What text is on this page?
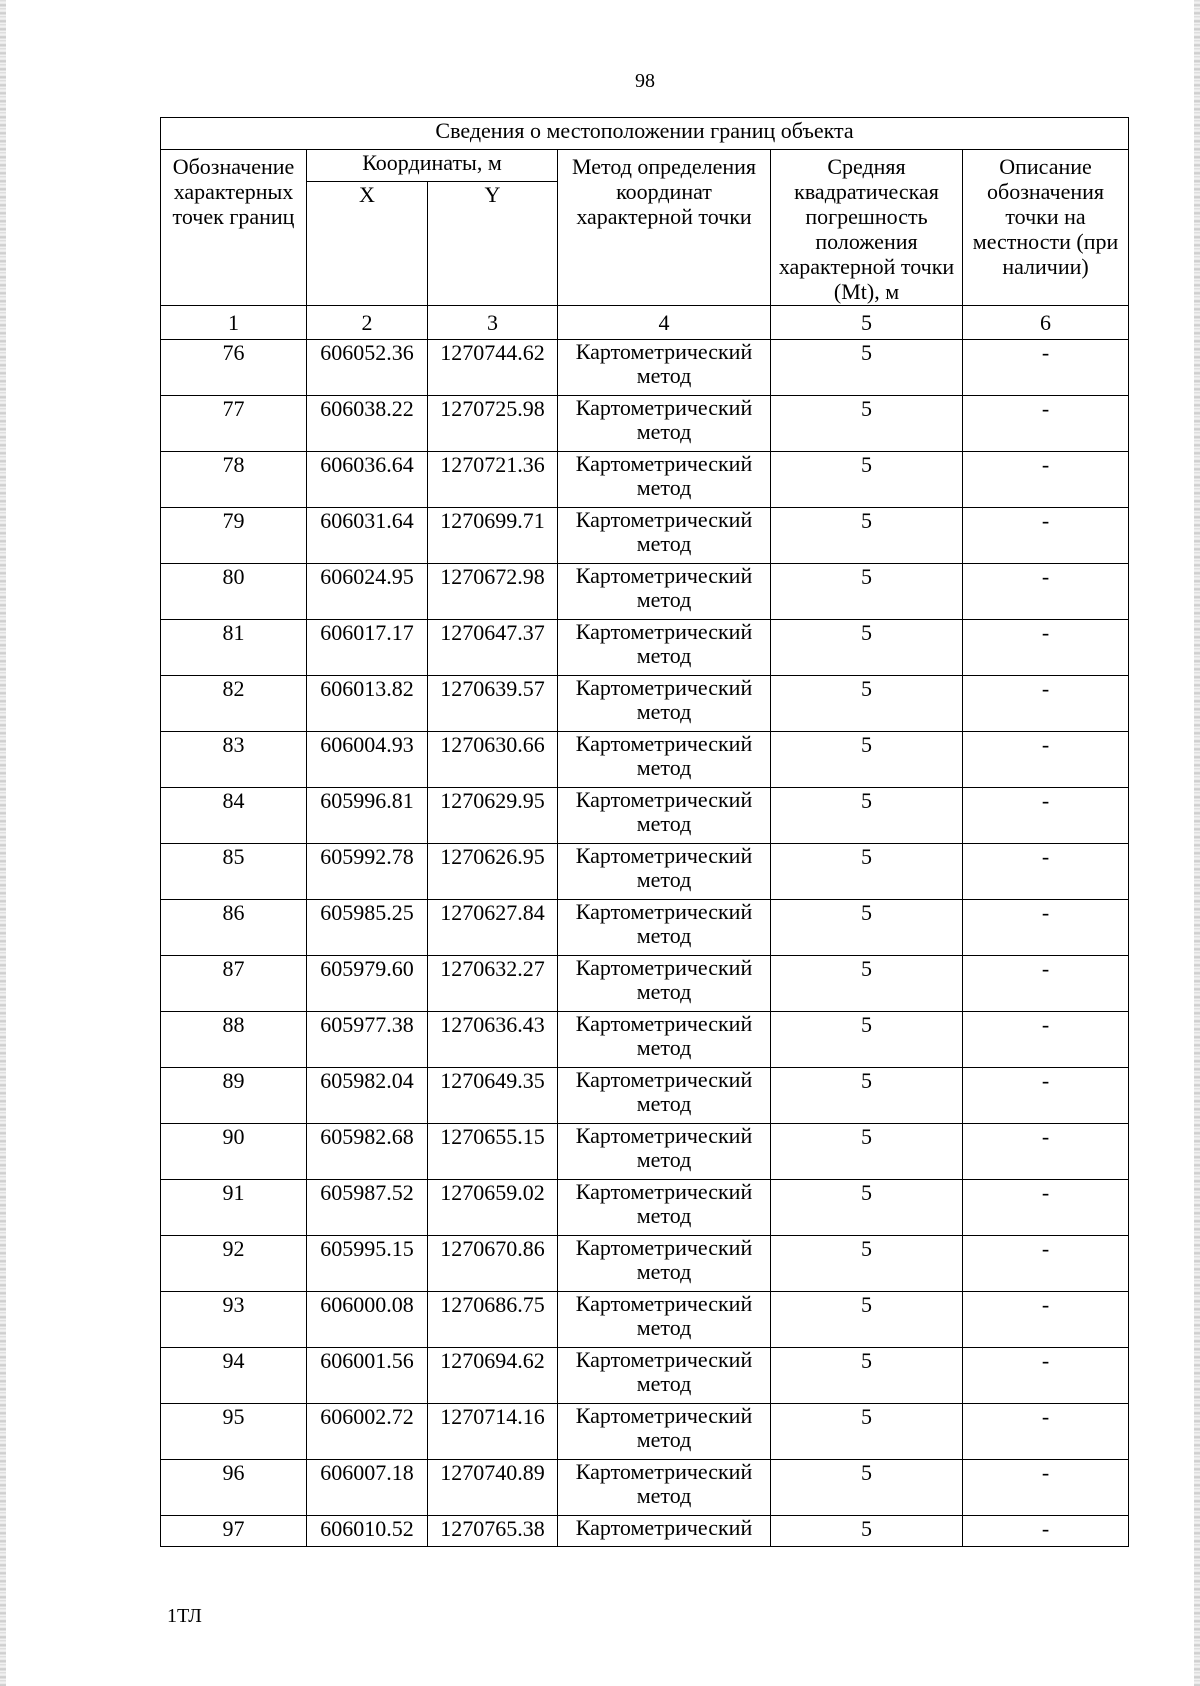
98
Сведения о местоположении границ объекта					
Обозначение характерных точек границ	Координаты, м		Метод определения координат характерной точки	Средняя квадратическая погрешность положения характерной точки (Mt), м	Описание обозначения точки на местности (при наличии)
	X	Y			
1	2	3	4	5	6
76	606052.36	1270744.62	Картометрический метод	5	-
77	606038.22	1270725.98	Картометрический метод	5	-
78	606036.64	1270721.36	Картометрический метод	5	-
79	606031.64	1270699.71	Картометрический метод	5	-
80	606024.95	1270672.98	Картометрический метод	5	-
81	606017.17	1270647.37	Картометрический метод	5	-
82	606013.82	1270639.57	Картометрический метод	5	-
83	606004.93	1270630.66	Картометрический метод	5	-
84	605996.81	1270629.95	Картометрический метод	5	-
85	605992.78	1270626.95	Картометрический метод	5	-
86	605985.25	1270627.84	Картометрический метод	5	-
87	605979.60	1270632.27	Картометрический метод	5	-
88	605977.38	1270636.43	Картометрический метод	5	-
89	605982.04	1270649.35	Картометрический метод	5	-
90	605982.68	1270655.15	Картометрический метод	5	-
91	605987.52	1270659.02	Картометрический метод	5	-
92	605995.15	1270670.86	Картометрический метод	5	-
93	606000.08	1270686.75	Картометрический метод	5	-
94	606001.56	1270694.62	Картометрический метод	5	-
95	606002.72	1270714.16	Картометрический метод	5	-
96	606007.18	1270740.89	Картометрический метод	5	-
97	606010.52	1270765.38	Картометрический	5	-
1ТЛ
